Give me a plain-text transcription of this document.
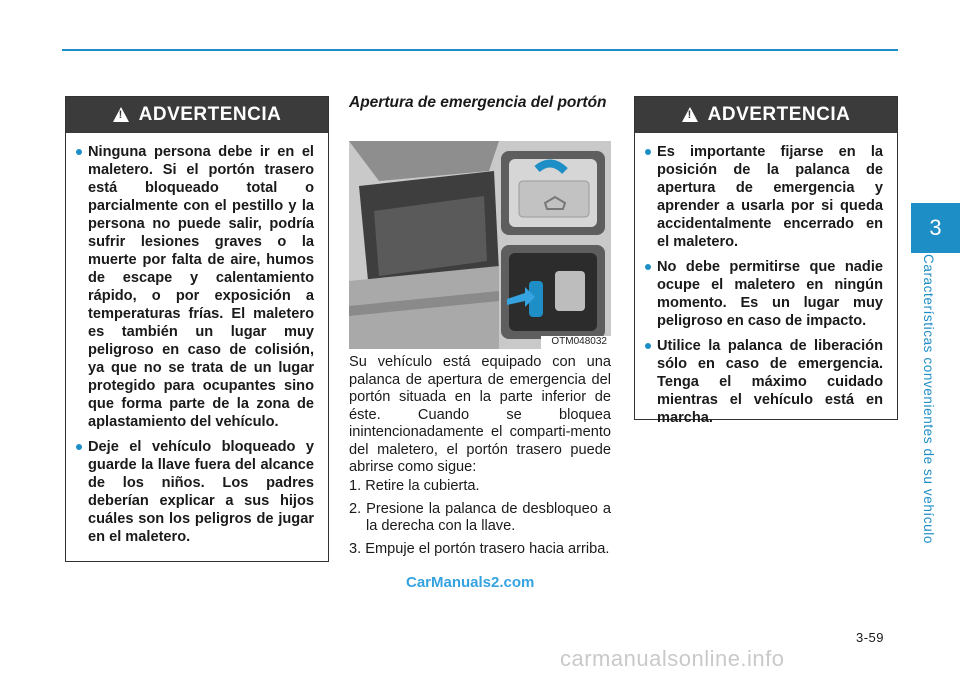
! ADVERTENCIA
Ninguna persona debe ir en el maletero. Si el portón trasero está bloqueado total o parcialmente con el pestillo y la persona no puede salir, podría sufrir lesiones graves o la muerte por falta de aire, humos de escape y calentamiento rápido, o por exposición a temperaturas frías. El maletero es también un lugar muy peligroso en caso de colisión, ya que no se trata de un lugar protegido para ocupantes sino que forma parte de la zona de aplastamiento del vehículo.
Deje el vehículo bloqueado y guarde la llave fuera del alcance de los niños. Los padres deberían explicar a sus hijos cuáles son los peligros de jugar en el maletero.
Apertura de emergencia del portón
OTM048032

Su vehículo está equipado con una palanca de apertura de emergencia del portón situada en la parte inferior de éste. Cuando se bloquea inintencionadamente el comparti-mento del maletero, el portón trasero puede abrirse como sigue:

1. Retire la cubierta.
2. Presione la palanca de desbloqueo a la derecha con la llave.
3. Empuje el portón trasero hacia arriba.
CarManuals2.com
! ADVERTENCIA
Es importante fijarse en la posición de la palanca de apertura de emergencia y aprender a usarla por si queda accidentalmente encerrado en el maletero.
No debe permitirse que nadie ocupe el maletero en ningún momento. Es un lugar muy peligroso en caso de impacto.
Utilice la palanca de liberación sólo en caso de emergencia. Tenga el máximo cuidado mientras el vehículo está en marcha.
3
Características convenientes de su vehículo
3-59
carmanualsonline.info
